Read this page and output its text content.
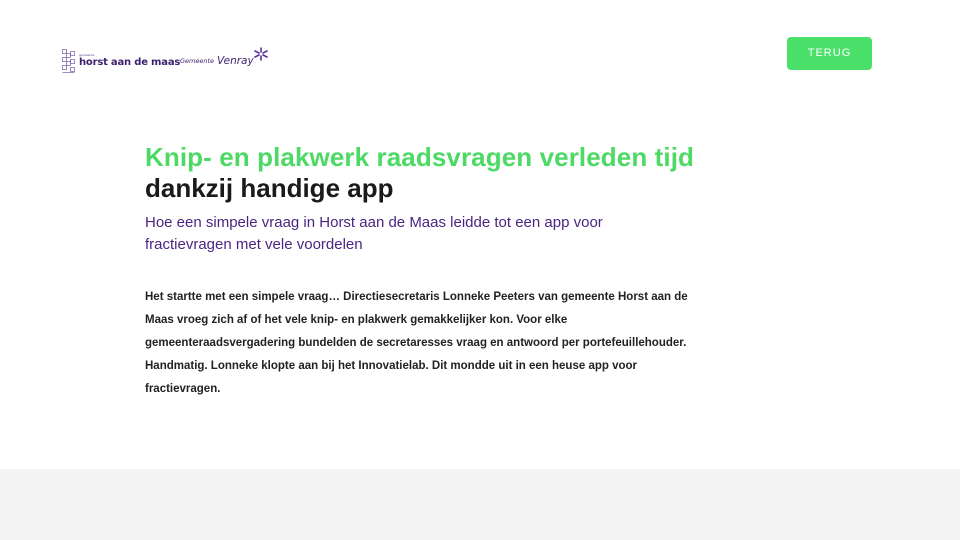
gemeente
horst aan de maas Gemeente Venray
TERUG
Knip- en plakwerk raadsvragen verleden tijd
dankzij handige app

Hoe een simpele vraag in Horst aan de Maas leidde tot een app voor fractievragen met vele voordelen

Het startte met een simpele vraag… Directiesecretaris Lonneke Peeters van gemeente Horst aan de Maas vroeg zich af of het vele knip- en plakwerk gemakkelijker kon. Voor elke gemeenteraadsvergadering bundelden de secretaresses vraag en antwoord per portefeuillehouder. Handmatig. Lonneke klopte aan bij het Innovatielab. Dit mondde uit in een heuse app voor fractievragen.
